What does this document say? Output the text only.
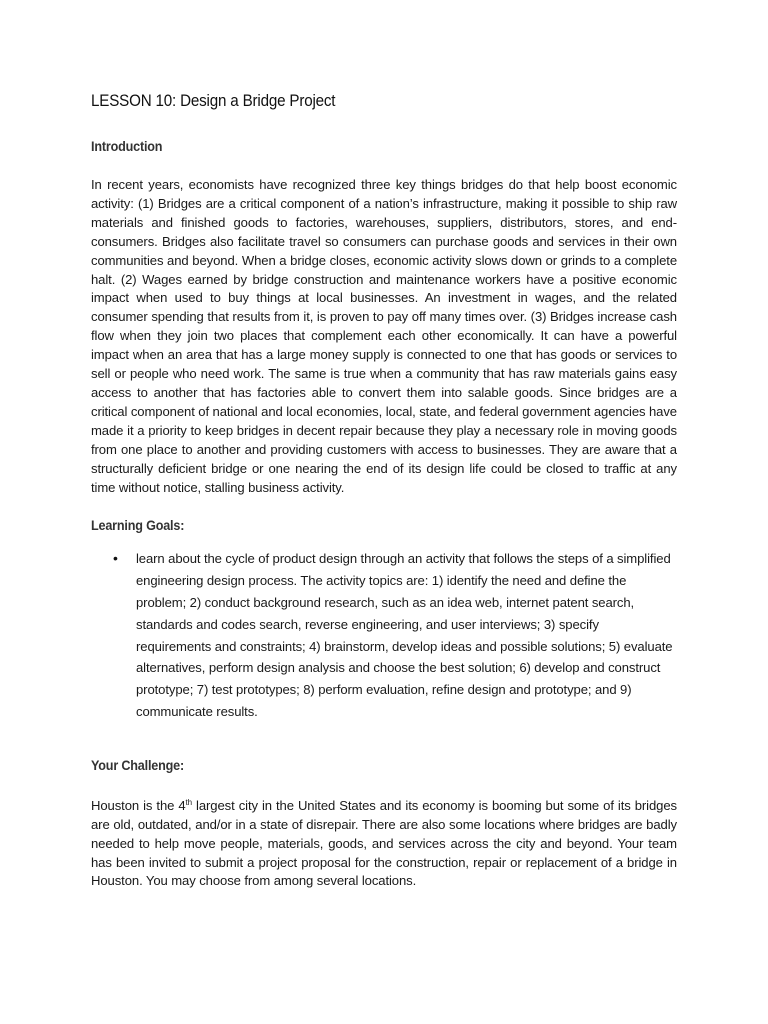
LESSON 10: Design a Bridge Project
Introduction

In recent years, economists have recognized three key things bridges do that help boost economic activity: (1) Bridges are a critical component of a nation’s infrastructure, making it possible to ship raw materials and finished goods to factories, warehouses, suppliers, distributors, stores, and end-consumers. Bridges also facilitate travel so consumers can purchase goods and services in their own communities and beyond. When a bridge closes, economic activity slows down or grinds to a complete halt. (2) Wages earned by bridge construction and maintenance workers have a positive economic impact when used to buy things at local businesses. An investment in wages, and the related consumer spending that results from it, is proven to pay off many times over. (3) Bridges increase cash flow when they join two places that complement each other economically. It can have a powerful impact when an area that has a large money supply is connected to one that has goods or services to sell or people who need work. The same is true when a community that has raw materials gains easy access to another that has factories able to convert them into salable goods. Since bridges are a critical component of national and local economies, local, state, and federal government agencies have made it a priority to keep bridges in decent repair because they play a necessary role in moving goods from one place to another and providing customers with access to businesses. They are aware that a structurally deficient bridge or one nearing the end of its design life could be closed to traffic at any time without notice, stalling business activity.

Learning Goals:
• learn about the cycle of product design through an activity that follows the steps of a simplified engineering design process. The activity topics are: 1) identify the need and define the problem; 2) conduct background research, such as an idea web, internet patent search, standards and codes search, reverse engineering, and user interviews; 3) specify requirements and constraints; 4) brainstorm, develop ideas and possible solutions; 5) evaluate alternatives, perform design analysis and choose the best solution; 6) develop and construct prototype; 7) test prototypes; 8) perform evaluation, refine design and prototype; and 9) communicate results.
Your Challenge:

Houston is the 4th largest city in the United States and its economy is booming but some of its bridges are old, outdated, and/or in a state of disrepair. There are also some locations where bridges are badly needed to help move people, materials, goods, and services across the city and beyond. Your team has been invited to submit a project proposal for the construction, repair or replacement of a bridge in Houston. You may choose from among several locations.
